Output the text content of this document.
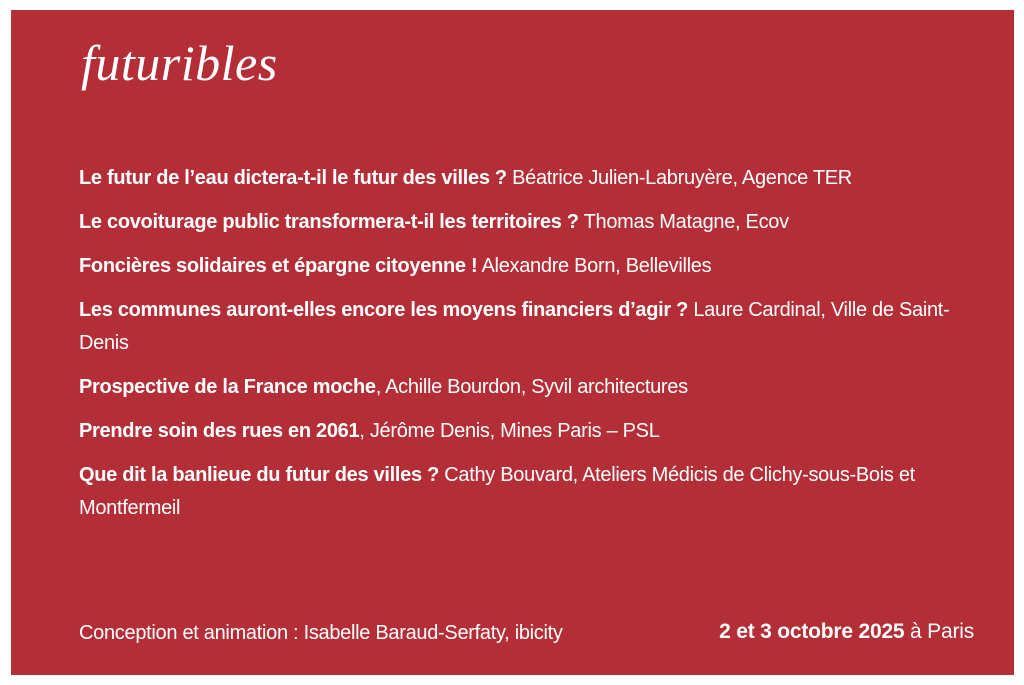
futuribles
Le futur de l’eau dictera-t-il le futur des villes ? Béatrice Julien-Labruyère, Agence TER
Le covoiturage public transformera-t-il les territoires ? Thomas Matagne, Ecov
Foncières solidaires et épargne citoyenne ! Alexandre Born, Bellevilles
Les communes auront-elles encore les moyens financiers d’agir ? Laure Cardinal, Ville de Saint-Denis
Prospective de la France moche, Achille Bourdon, Syvil architectures
Prendre soin des rues en 2061, Jérôme Denis, Mines Paris – PSL
Que dit la banlieue du futur des villes ? Cathy Bouvard, Ateliers Médicis de Clichy-sous-Bois et Montfermeil
Conception et animation : Isabelle Baraud-Serfaty, ibicity	2 et 3 octobre 2025 à Paris
